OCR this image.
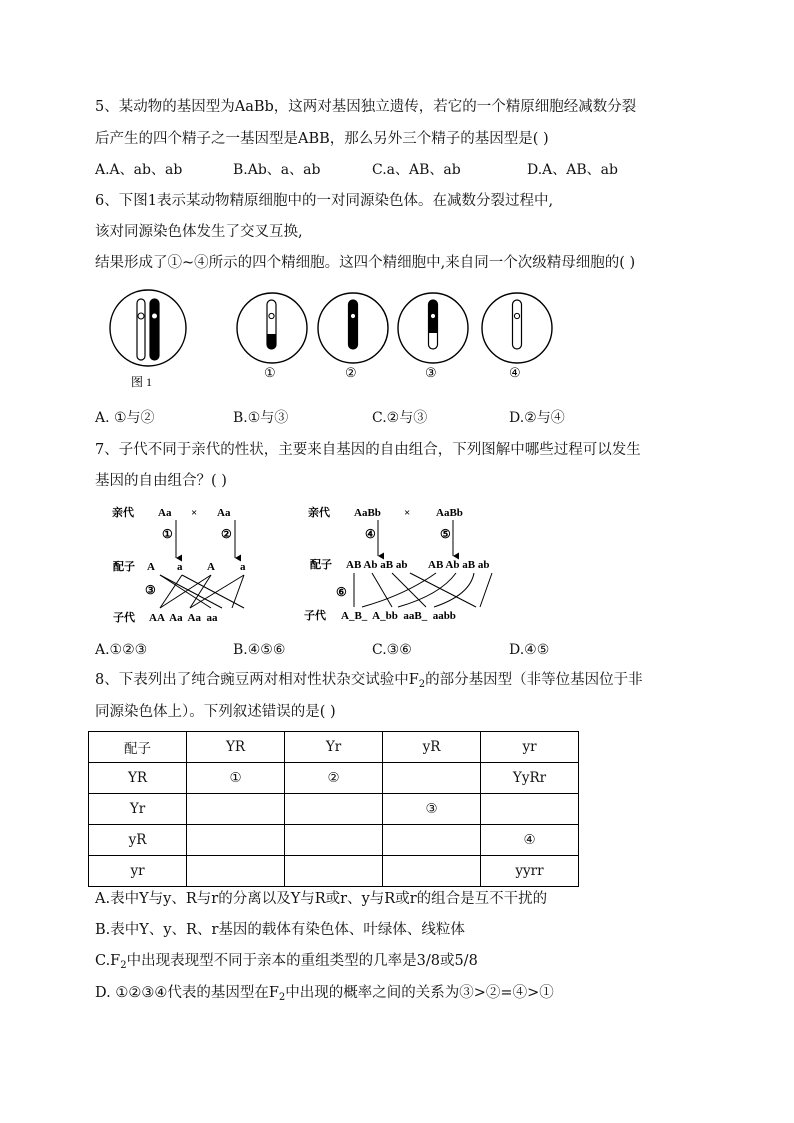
5、某动物的基因型为AaBb，这两对基因独立遗传，若它的一个精原细胞经减数分裂
后产生的四个精子之一基因型是ABB，那么另外三个精子的基因型是( )
A.A、ab、ab	B.Ab、a、ab	C.a、AB、ab	D.A、AB、ab
6、下图1表示某动物精原细胞中的一对同源染色体。在减数分裂过程中,
该对同源染色体发生了交叉互换,
结果形成了①~④所示的四个精细胞。这四个精细胞中,来自同一个次级精母细胞的( )
图 1
①	②	③	④
A. ①与②	B.①与③	C.②与③	D.②与④
7、子代不同于亲代的性状，主要来自基因的自由组合，下列图解中哪些过程可以发生
基因的自由组合？( )
亲代 Aa × Aa
①	②
配子 A a A a
③
子代 AA  Aa  Aa  aa
亲代 AaBb × AaBb
④	⑤
配子 AB Ab aB ab AB Ab aB ab
⑥
子代 A_B_  A_bb  aaB_  aabb
A.①②③	B.④⑤⑥	C.③⑥	D.④⑤
8、下表列出了纯合豌豆两对相对性状杂交试验中$F_2$的部分基因型（非等位基因位于非
同源染色体上）。下列叙述错误的是( )
配子	YR	Yr	yR	yr
YR	①	②		YyRr
Yr			③	
yR				④
yr				yyrr
A.表中Y与y、R与r的分离以及Y与R或r、y与R或r的组合是互不干扰的
B.表中Y、y、R、r基因的载体有染色体、叶绿体、线粒体
$C.F_2$中出现表现型不同于亲本的重组类型的几率是3/8或5/8
D. ①②③④代表的基因型在$F_2$中出现的概率之间的关系为③>②=④>①
